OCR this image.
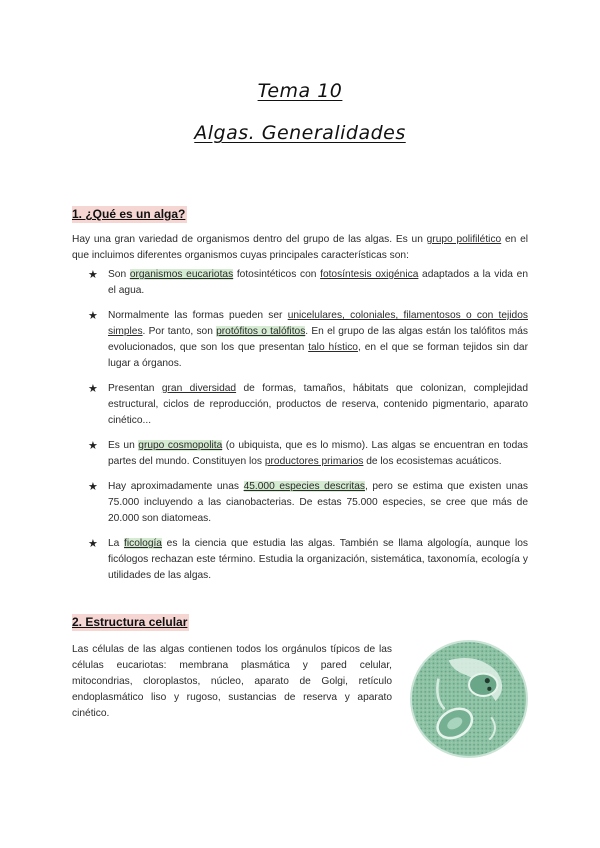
Tema 10
Algas. Generalidades
1. ¿Qué es un alga?
Hay una gran variedad de organismos dentro del grupo de las algas. Es un grupo polifilético en el que incluimos diferentes organismos cuyas principales características son:
★ Son organismos eucariotas fotosintéticos con fotosíntesis oxigénica adaptados a la vida en el agua.
★ Normalmente las formas pueden ser unicelulares, coloniales, filamentosos o con tejidos simples. Por tanto, son protófitos o talófitos. En el grupo de las algas están los talófitos más evolucionados, que son los que presentan talo hístico, en el que se forman tejidos sin dar lugar a órganos.
★ Presentan gran diversidad de formas, tamaños, hábitats que colonizan, complejidad estructural, ciclos de reproducción, productos de reserva, contenido pigmentario, aparato cinético...
★ Es un grupo cosmopolita (o ubiquista, que es lo mismo). Las algas se encuentran en todas partes del mundo. Constituyen los productores primarios de los ecosistemas acuáticos.
★ Hay aproximadamente unas 45.000 especies descritas, pero se estima que existen unas 75.000 incluyendo a las cianobacterias. De estas 75.000 especies, se cree que más de 20.000 son diatomeas.
★ La ficología es la ciencia que estudia las algas. También se llama algología, aunque los ficólogos rechazan este término. Estudia la organización, sistemática, taxonomía, ecología y utilidades de las algas.
2. Estructura celular
Las células de las algas contienen todos los orgánulos típicos de las células eucariotas: membrana plasmática y pared celular, mitocondrias, cloroplastos, núcleo, aparato de Golgi, retículo endoplasmático liso y rugoso, sustancias de reserva y aparato cinético.
